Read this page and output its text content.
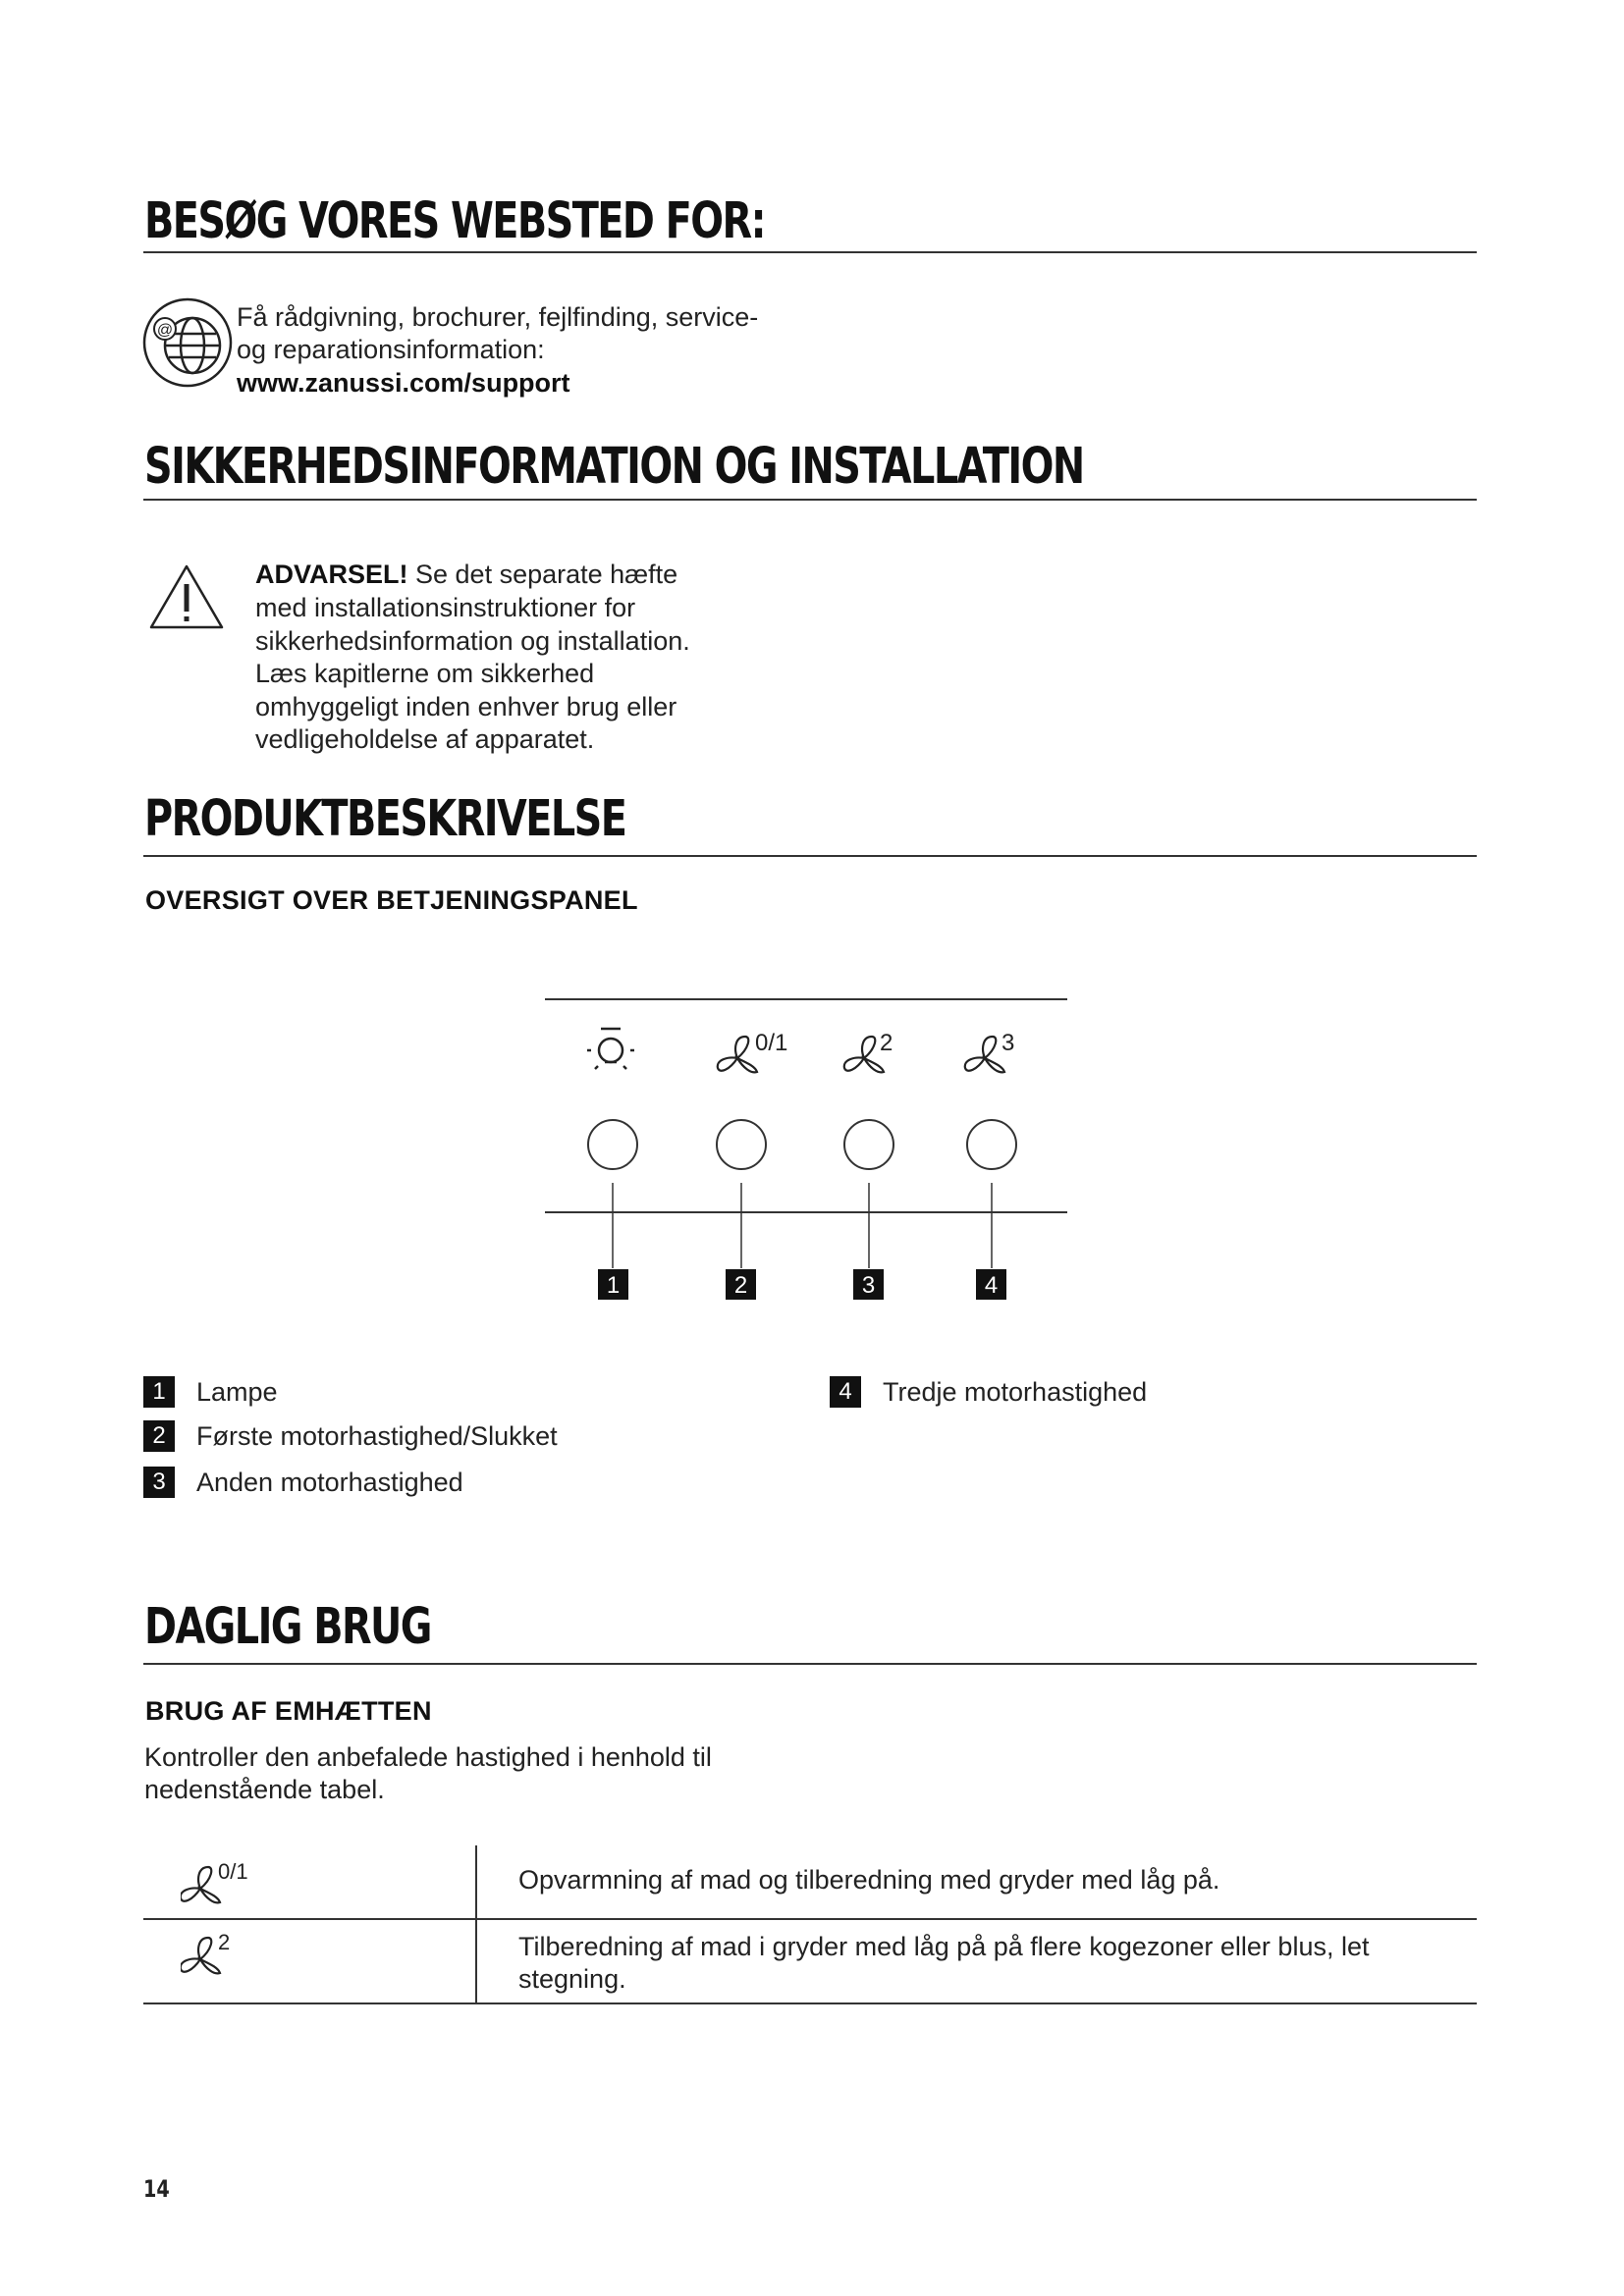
BESØG VORES WEBSTED FOR:
@ Få rådgivning, brochurer, fejlfinding, service-
og reparationsinformation:
www.zanussi.com/support
SIKKERHEDSINFORMATION OG INSTALLATION
ADVARSEL! Se det separate hæfte
med installationsinstruktioner for
sikkerhedsinformation og installation.
Læs kapitlerne om sikkerhed
omhyggeligt inden enhver brug eller
vedligeholdelse af apparatet.
PRODUKTBESKRIVELSE
OVERSIGT OVER BETJENINGSPANEL
0/1	2	3
1	2	3	4
1	Lampe
2	Første motorhastighed/Slukket
3	Anden motorhastighed
4	Tredje motorhastighed
DAGLIG BRUG
BRUG AF EMHÆTTEN
Kontroller den anbefalede hastighed i henhold til
nedenstående tabel.
0/1	Opvarmning af mad og tilberedning med gryder med låg på.
2	Tilberedning af mad i gryder med låg på på flere kogezoner eller blus, let
stegning.
14
